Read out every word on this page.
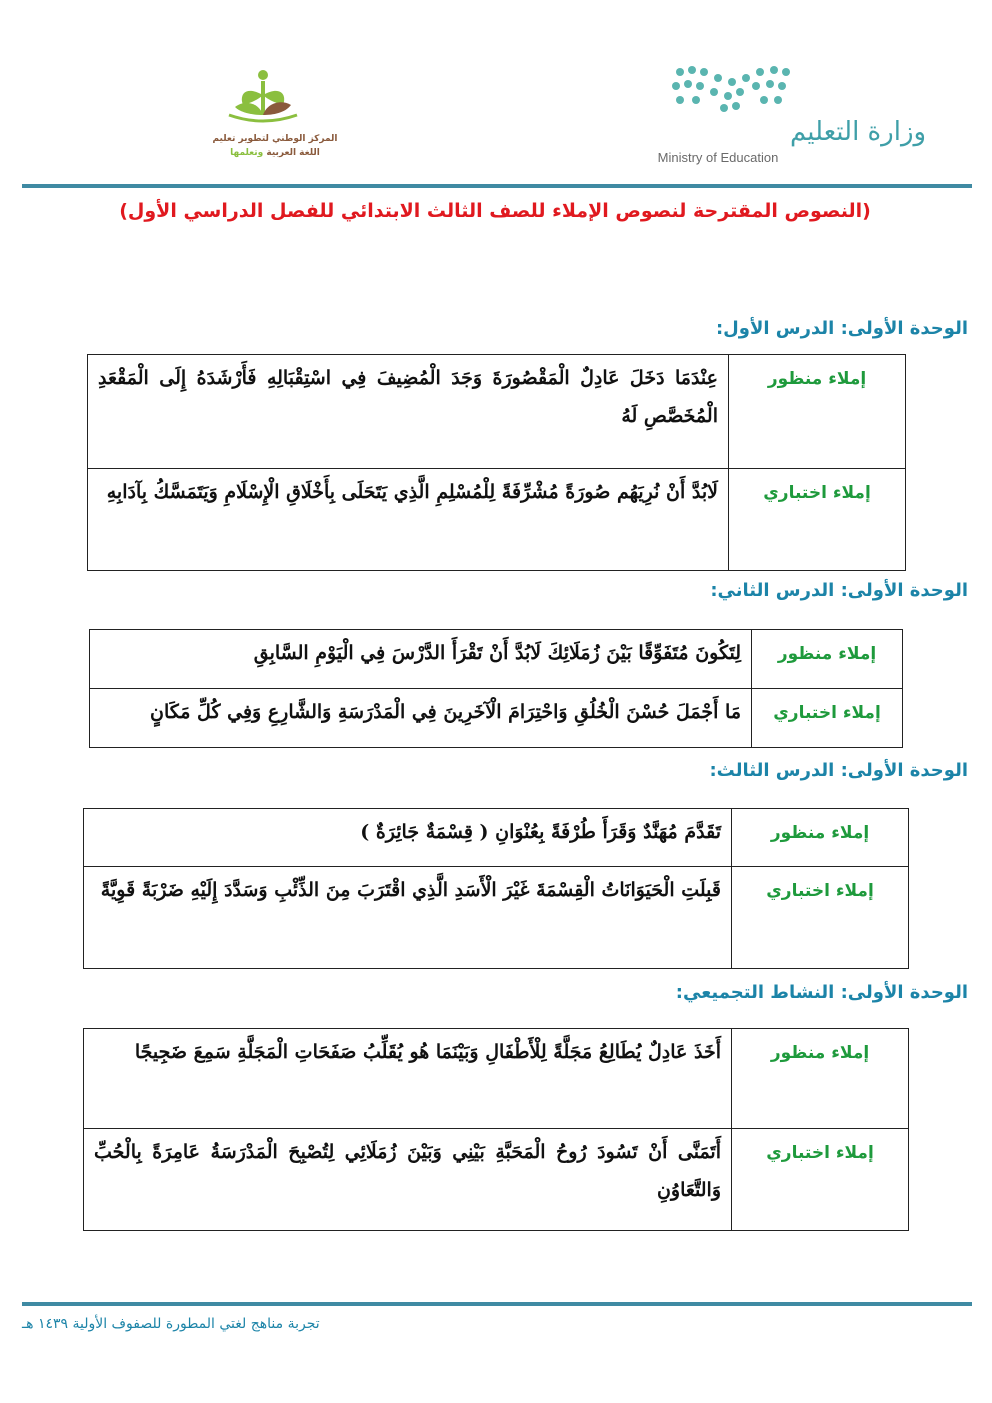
وزارة التعليم
Ministry of Education
المركز الوطني لتطوير تعليم
اللغة العربية وتعلمها
(النصوص المقترحة لنصوص الإملاء للصف الثالث الابتدائي للفصل الدراسي الأول)
الوحدة الأولى: الدرس الأول:
إملاء منظور	عِنْدَمَا دَخَلَ عَادِلٌ الْمَقْصُورَةَ وَجَدَ الْمُضِيفَ فِي اسْتِقْبَالِهِ فَأَرْشَدَهُ إِلَى الْمَقْعَدِ الْمُخَصَّصِ لَهُ
إملاء اختباري	لَابُدَّ أَنْ نُرِيَهُم صُورَةً مُشْرِّفَةً لِلْمُسْلِمِ الَّذِي يَتَحَلَى بِأَخْلَاقِ الْإِسْلَامِ وَيَتَمَسَّكُ بِآدَابِهِ
الوحدة الأولى: الدرس الثاني:
إملاء منظور	لِتَكُونَ مُتَفَوِّقًا بَيْنَ زُمَلَائِكَ لَابُدَّ أَنْ تَقْرَأَ الدَّرْسَ فِي الْيَوْمِ السَّابِقِ
إملاء اختباري	مَا أَجْمَلَ حُسْنَ الْخُلُقِ وَاحْتِرَامَ الْآخَرِينَ فِي الْمَدْرَسَةِ وَالشَّارِعِ وَفِي كُلِّ مَكَانٍ
الوحدة الأولى: الدرس الثالث:
إملاء منظور	تَقَدَّمَ مُهَنَّدٌ وَقَرَأَ طُرْفَةً بِعُنْوَانِ ( قِسْمَةٌ جَائِرَةٌ )
إملاء اختباري	قَبِلَتِ الْحَيَوَانَاتُ الْقِسْمَةَ غَيْرَ الْأَسَدِ الَّذِي اقْتَرَبَ مِنَ الذِّئْبِ وَسَدَّدَ إِلَيْهِ ضَرْبَةً قَوِيَّةً
الوحدة الأولى: النشاط التجميعي:
إملاء منظور	أَخَذَ عَادِلٌ يُطَالِعُ مَجَلَّةً لِلْأَطْفَالِ وَبَيْنَمَا هُو يُقَلِّبُ صَفَحَاتِ الْمَجَلَّةِ سَمِعَ ضَجِيجًا
إملاء اختباري	أَتَمَنَّى أَنْ تَسُودَ رُوحُ الْمَحَبَّةِ بَيْنِي وَبَيْنَ زُمَلَائِي لِتُصْبِحَ الْمَدْرَسَةُ عَامِرَةً بِالْحُبِّ وَالتَّعَاوُنِ
تجربة مناهج لغتي المطورة للصفوف الأولية ١٤٣٩ هـ
